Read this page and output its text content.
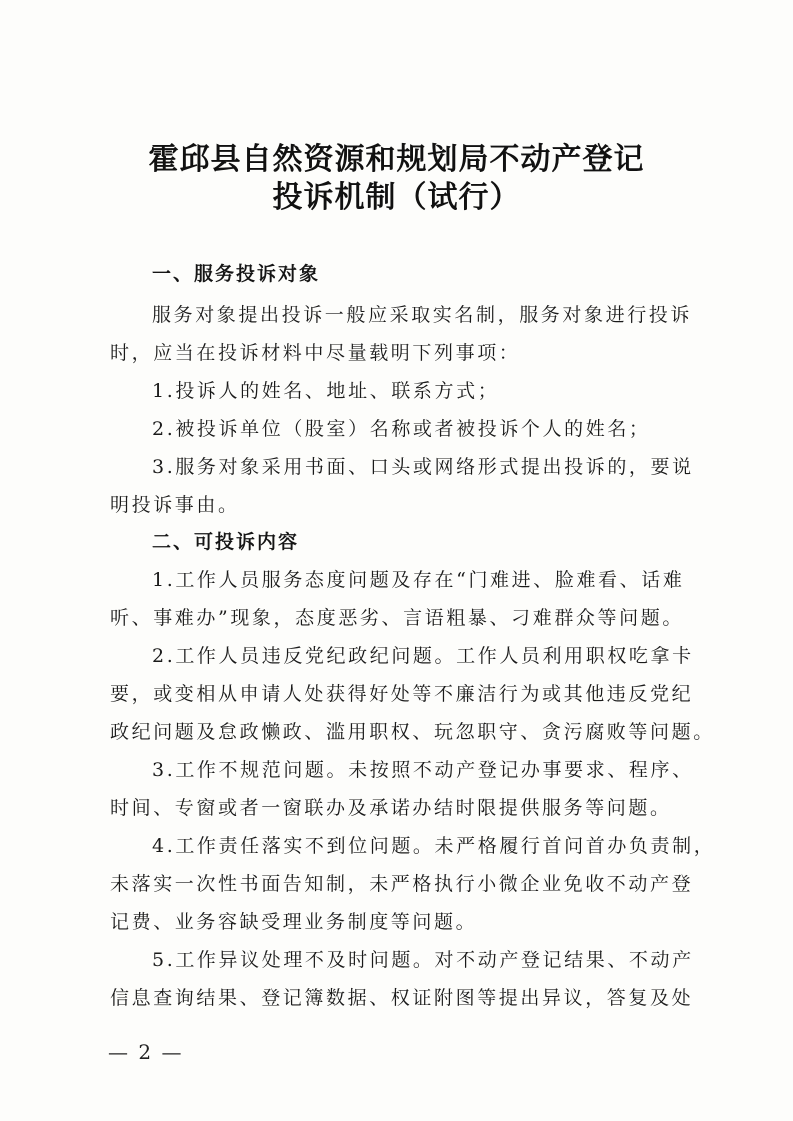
霍邱县自然资源和规划局不动产登记
投诉机制（试行）
一、服务投诉对象
服务对象提出投诉一般应采取实名制，服务对象进行投诉
时，应当在投诉材料中尽量载明下列事项：
1.投诉人的姓名、地址、联系方式；
2.被投诉单位（股室）名称或者被投诉个人的姓名；
3.服务对象采用书面、口头或网络形式提出投诉的，要说
明投诉事由。
二、可投诉内容
1.工作人员服务态度问题及存在“门难进、脸难看、话难
听、事难办”现象，态度恶劣、言语粗暴、刁难群众等问题。
2.工作人员违反党纪政纪问题。工作人员利用职权吃拿卡
要，或变相从申请人处获得好处等不廉洁行为或其他违反党纪
政纪问题及怠政懒政、滥用职权、玩忽职守、贪污腐败等问题。
3.工作不规范问题。未按照不动产登记办事要求、程序、
时间、专窗或者一窗联办及承诺办结时限提供服务等问题。
4.工作责任落实不到位问题。未严格履行首问首办负责制，
未落实一次性书面告知制，未严格执行小微企业免收不动产登
记费、业务容缺受理业务制度等问题。
5.工作异议处理不及时问题。对不动产登记结果、不动产
信息查询结果、登记簿数据、权证附图等提出异议，答复及处
— 2 —
